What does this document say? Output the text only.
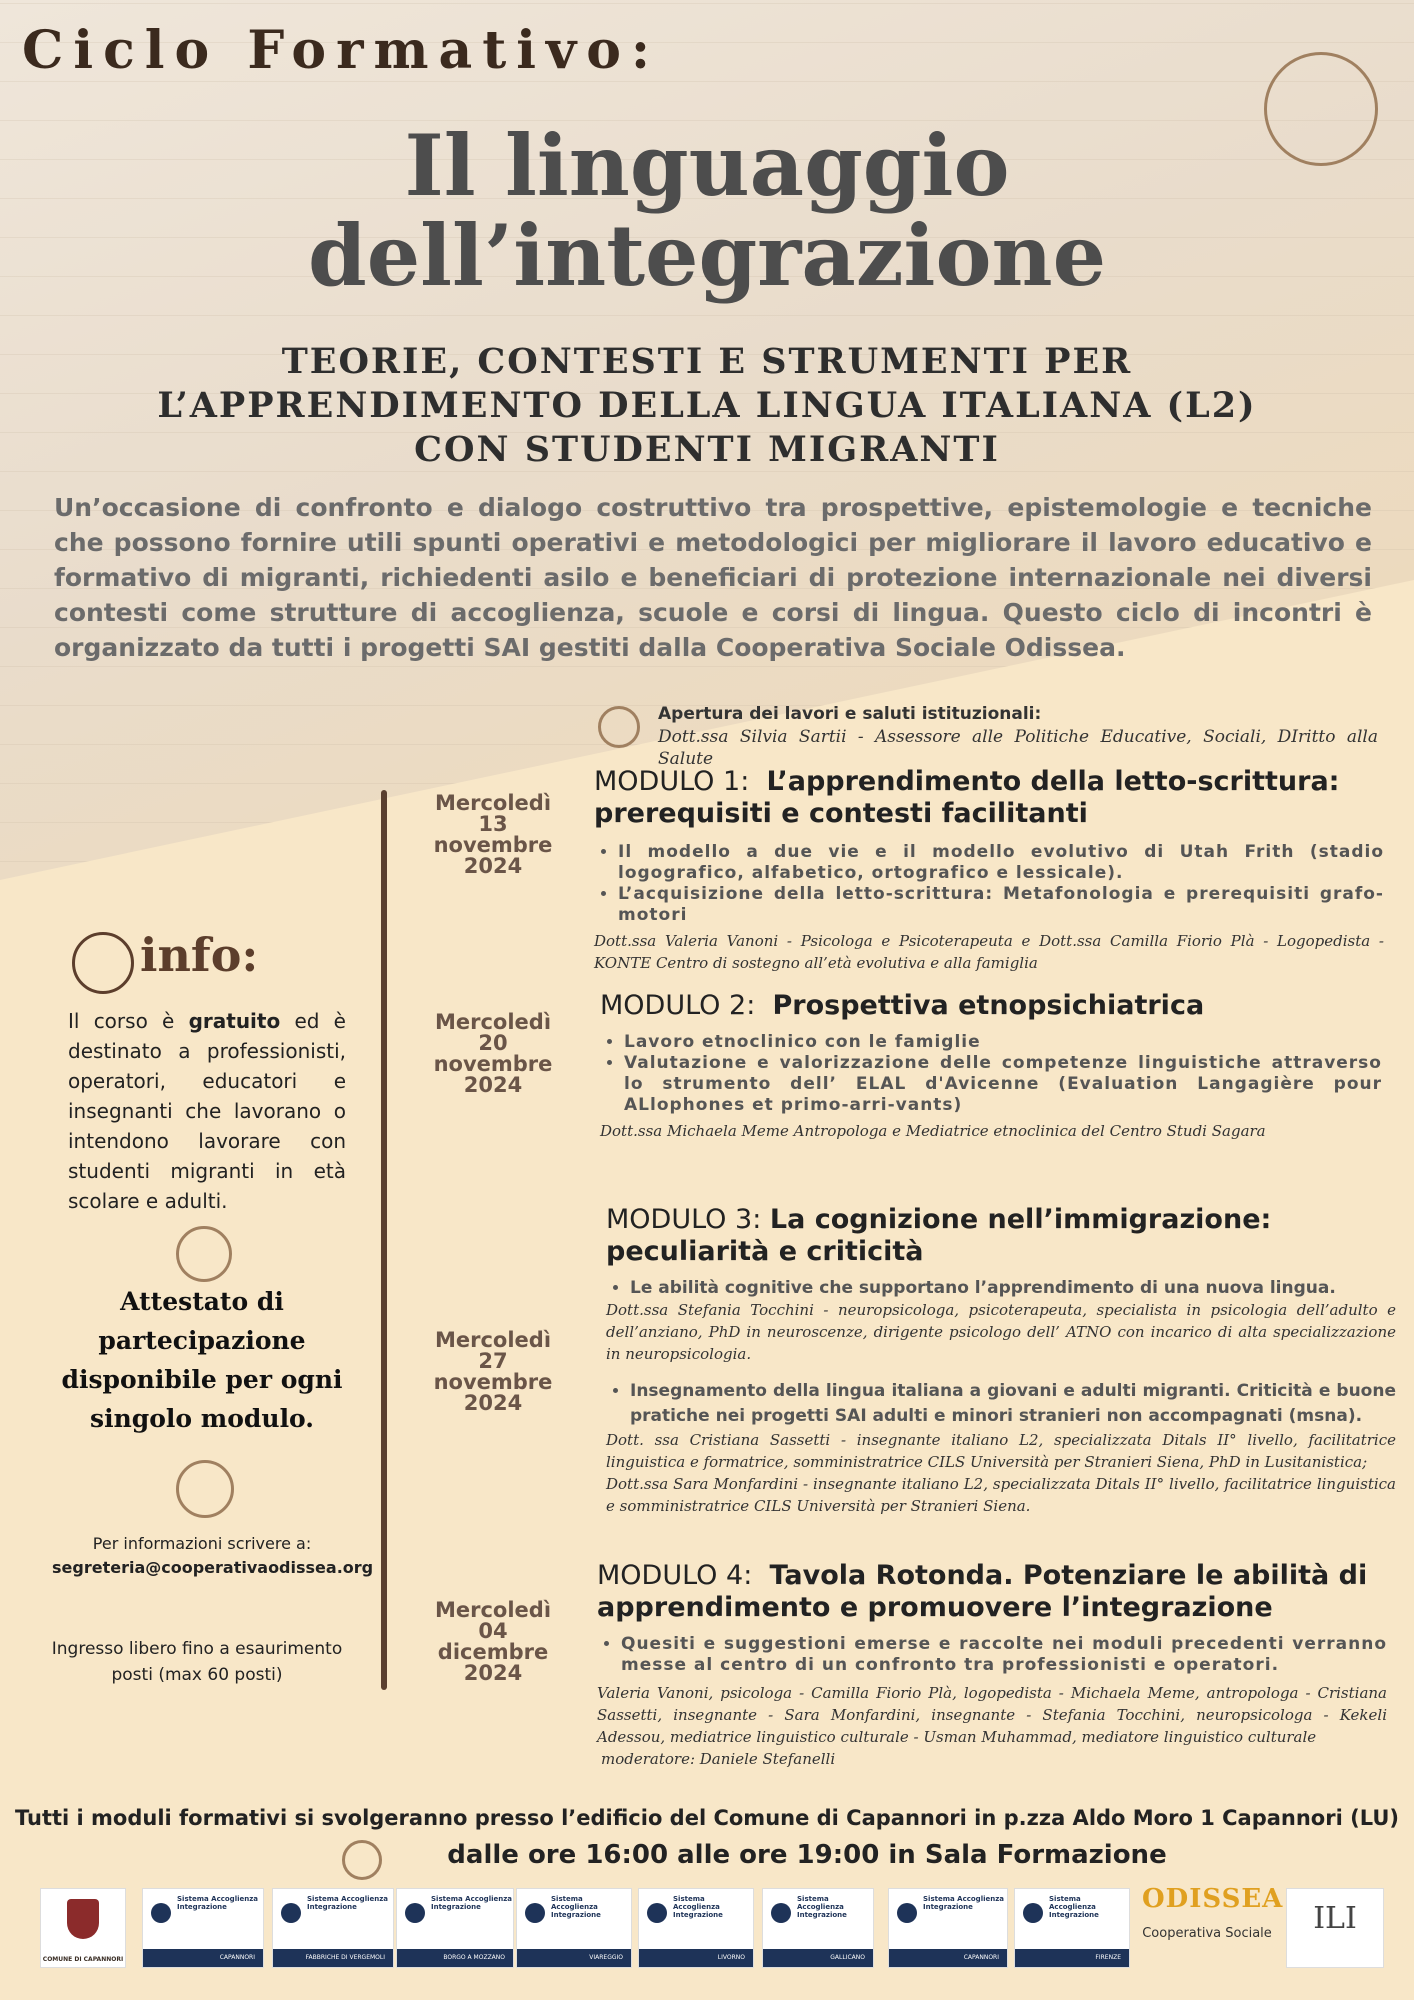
Ciclo Formativo:
Il linguaggio
dell’integrazione
TEORIE, CONTESTI E STRUMENTI PER
L’APPRENDIMENTO DELLA LINGUA ITALIANA (L2)
CON STUDENTI MIGRANTI
Un’occasione di confronto e dialogo costruttivo tra prospettive, epistemologie e tecniche che possono fornire utili spunti operativi e metodologici per migliorare il lavoro educativo e formativo di migranti, richiedenti asilo e beneficiari di protezione internazionale nei diversi contesti come strutture di accoglienza, scuole e corsi di lingua. Questo ciclo di incontri è organizzato da tutti i progetti SAI gestiti dalla Cooperativa Sociale Odissea.
Apertura dei lavori e saluti istituzionali:
Dott.ssa Silvia Sartii - Assessore alle Politiche Educative, Sociali, DIritto alla Salute
Mercoledì
13
novembre
2024
MODULO 1: L’apprendimento della letto-scrittura: prerequisiti e contesti facilitanti
• Il modello a due vie e il modello evolutivo di Utah Frith (stadio logografico, alfabetico, ortografico e lessicale).
• L’acquisizione della letto-scrittura: Metafonologia e prerequisiti grafo-motori
Dott.ssa Valeria Vanoni - Psicologa e Psicoterapeuta e Dott.ssa Camilla Fiorio Plà - Logopedista - KONTE Centro di sostegno all’età evolutiva e alla famiglia
Mercoledì
20
novembre
2024
MODULO 2: Prospettiva etnopsichiatrica
• Lavoro etnoclinico con le famiglie
• Valutazione e valorizzazione delle competenze linguistiche attraverso lo strumento dell’ ELAL d'Avicenne (Evaluation Langagière pour ALlophones et primo-arri-vants)
Dott.ssa Michaela Meme Antropologa e Mediatrice etnoclinica del Centro Studi Sagara
Mercoledì
27
novembre
2024
MODULO 3: La cognizione nell’immigrazione: peculiarità e criticità
• Le abilità cognitive che supportano l’apprendimento di una nuova lingua.
Dott.ssa Stefania Tocchini - neuropsicologa, psicoterapeuta, specialista in psicologia dell’adulto e dell’anziano, PhD in neuroscenze, dirigente psicologo dell’ ATNO con incarico di alta specializzazione in neuropsicologia.
• Insegnamento della lingua italiana a giovani e adulti migranti. Criticità e buone pratiche nei progetti SAI adulti e minori stranieri non accompagnati (msna).
Dott. ssa Cristiana Sassetti - insegnante italiano L2, specializzata Ditals II° livello, facilitatrice linguistica e formatrice, somministratrice CILS Università per Stranieri Siena, PhD in Lusitanistica;
Dott.ssa Sara Monfardini - insegnante italiano L2, specializzata Ditals II° livello, facilitatrice linguistica e somministratrice CILS Università per Stranieri Siena.
Mercoledì
04
dicembre
2024
MODULO 4: Tavola Rotonda. Potenziare le abilità di apprendimento e promuovere l’integrazione
• Quesiti e suggestioni emerse e raccolte nei moduli precedenti verranno messe al centro di un confronto tra professionisti e operatori.
Valeria Vanoni, psicologa - Camilla Fiorio Plà, logopedista - Michaela Meme, antropologa - Cristiana Sassetti, insegnante - Sara Monfardini, insegnante - Stefania Tocchini, neuropsicologa - Kekeli Adessou, mediatrice linguistico culturale - Usman Muhammad, mediatore linguistico culturale
moderatore: Daniele Stefanelli
info:
Il corso è gratuito ed è destinato a professionisti, operatori, educatori e insegnanti che lavorano o intendono lavorare con studenti migranti in età scolare e adulti.
Attestato di partecipazione disponibile per ogni singolo modulo.
Per informazioni scrivere a:
segreteria@cooperativaodissea.org
Ingresso libero fino a esaurimento posti (max 60 posti)
Tutti i moduli formativi si svolgeranno presso l’edificio del Comune di Capannori in p.zza Aldo Moro 1 Capannori (LU)
dalle ore 16:00 alle ore 19:00 in Sala Formazione
COMUNE DI CAPANNORI
Sistema Accoglienza Integrazione
CAPANNORI
Sistema Accoglienza Integrazione
FABBRICHE DI VERGEMOLI
Sistema Accoglienza Integrazione
BORGO A MOZZANO
Sistema Accoglienza Integrazione
VIAREGGIO
Sistema Accoglienza Integrazione
LIVORNO
Sistema Accoglienza Integrazione
GALLICANO
Sistema Accoglienza Integrazione
CAPANNORI
Sistema Accoglienza Integrazione
FIRENZE
ODISSEA
Cooperativa Sociale	ILI
